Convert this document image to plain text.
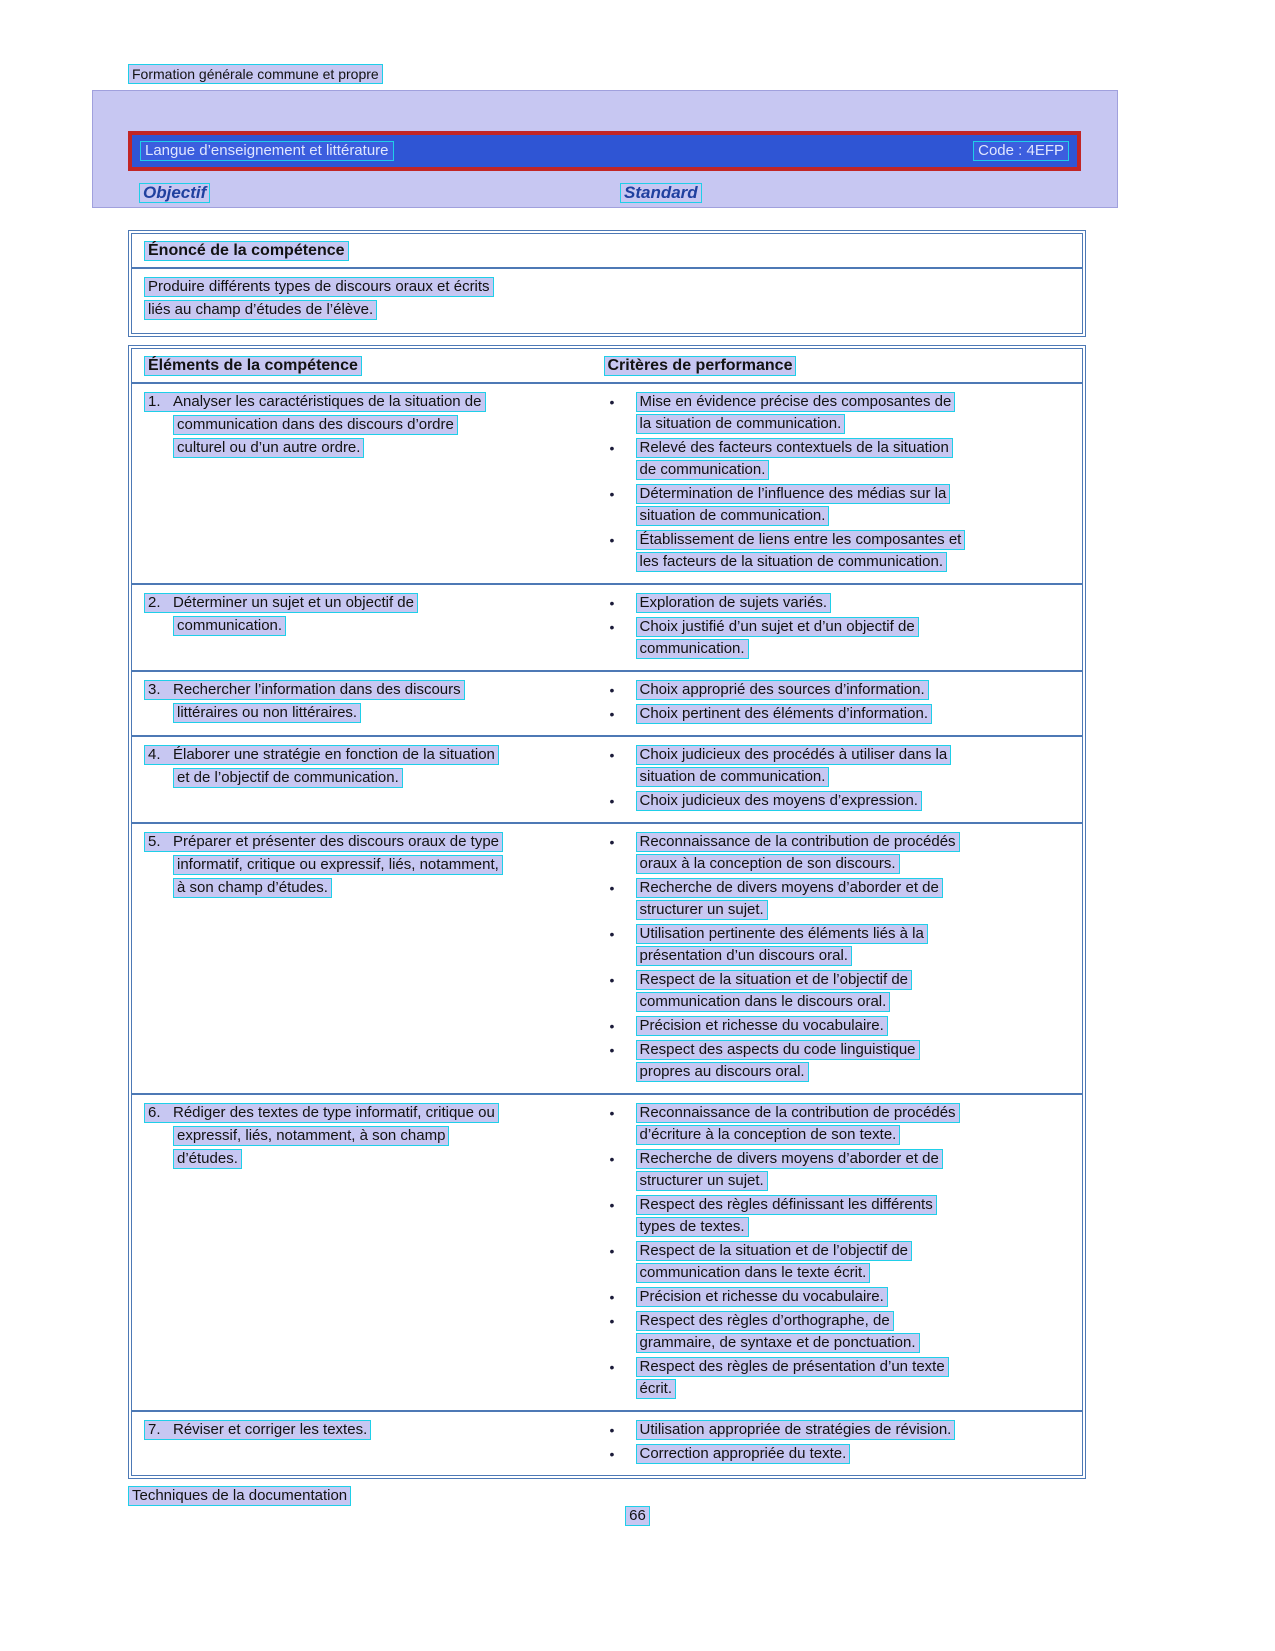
Formation générale commune et propre
Langue d’enseignement et littérature	Code : 4EFP
Objectif	Standard
Énoncé de la compétence
Produire différents types de discours oraux et écrits
liés au champ d’études de l’élève.
Éléments de la compétence	Critères de performance
1. Analyser les caractéristiques de la situation de
communication dans des discours d’ordre
culturel ou d’un autre ordre.
•	Mise en évidence précise des composantes de
la situation de communication.
•	Relevé des facteurs contextuels de la situation
de communication.
•	Détermination de l’influence des médias sur la
situation de communication.
•	Établissement de liens entre les composantes et
les facteurs de la situation de communication.
2. Déterminer un sujet et un objectif de
communication.
•	Exploration de sujets variés.
•	Choix justifié d’un sujet et d’un objectif de
communication.
3. Rechercher l’information dans des discours
littéraires ou non littéraires.
•	Choix approprié des sources d’information.
•	Choix pertinent des éléments d’information.
4. Élaborer une stratégie en fonction de la situation
et de l’objectif de communication.
•	Choix judicieux des procédés à utiliser dans la
situation de communication.
•	Choix judicieux des moyens d’expression.
5. Préparer et présenter des discours oraux de type
informatif, critique ou expressif, liés, notamment,
à son champ d’études.
•	Reconnaissance de la contribution de procédés
oraux à la conception de son discours.
•	Recherche de divers moyens d’aborder et de
structurer un sujet.
•	Utilisation pertinente des éléments liés à la
présentation d’un discours oral.
•	Respect de la situation et de l’objectif de
communication dans le discours oral.
•	Précision et richesse du vocabulaire.
•	Respect des aspects du code linguistique
propres au discours oral.
6. Rédiger des textes de type informatif, critique ou
expressif, liés, notamment, à son champ
d’études.
•	Reconnaissance de la contribution de procédés
d’écriture à la conception de son texte.
•	Recherche de divers moyens d’aborder et de
structurer un sujet.
•	Respect des règles définissant les différents
types de textes.
•	Respect de la situation et de l’objectif de
communication dans le texte écrit.
•	Précision et richesse du vocabulaire.
•	Respect des règles d’orthographe, de
grammaire, de syntaxe et de ponctuation.
•	Respect des règles de présentation d’un texte
écrit.
7. Réviser et corriger les textes.	•	Utilisation appropriée de stratégies de révision.
•	Correction appropriée du texte.
Techniques de la documentation
66
